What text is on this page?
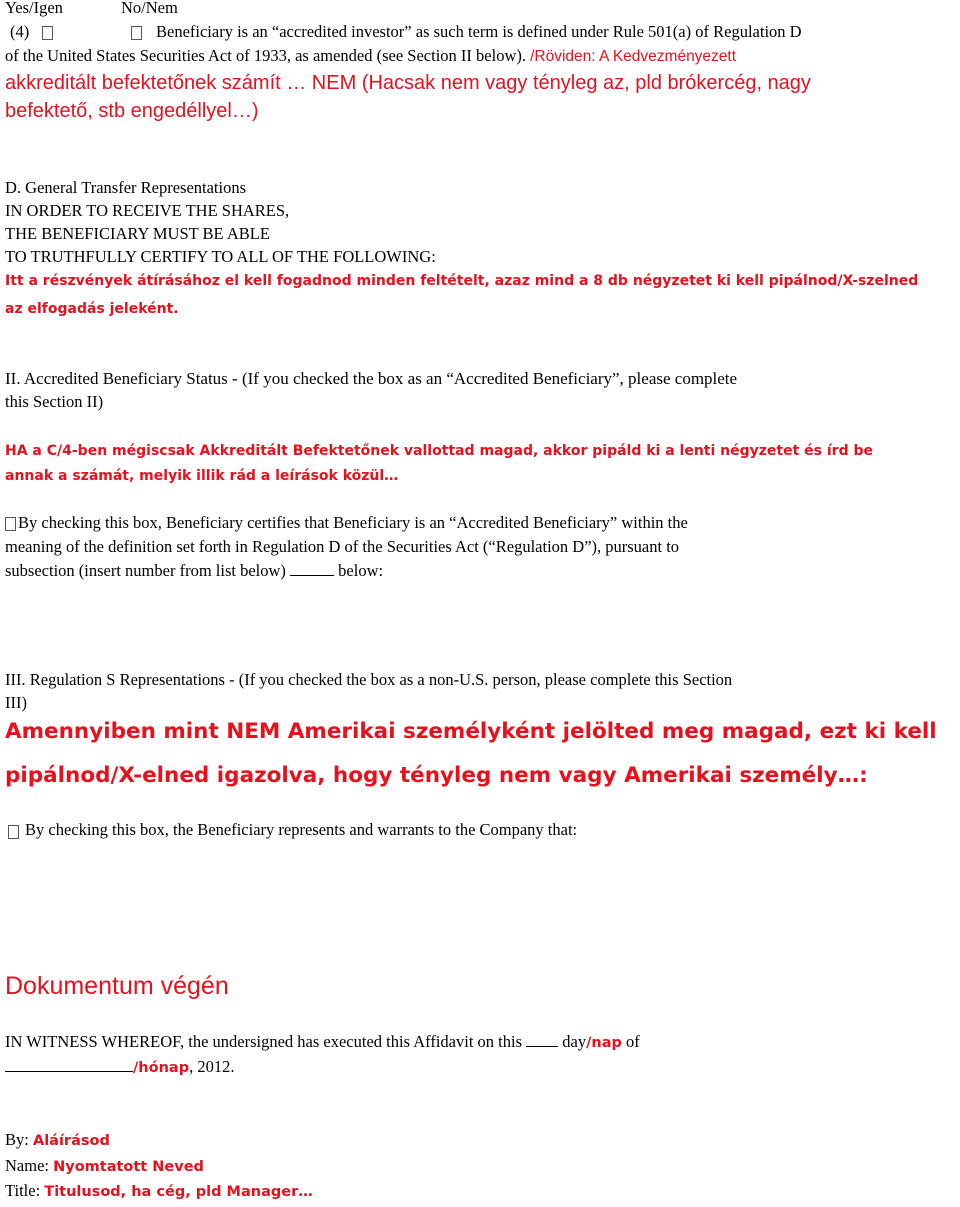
Yes/Igen	No/Nem
(4)	Beneficiary is an “accredited investor” as such term is defined under Rule 501(a) of Regulation D
of the United States Securities Act of 1933, as amended (see Section II below). /Röviden: A Kedvezményezett
akkreditált befektetőnek számít … NEM (Hacsak nem vagy tényleg az, pld brókercég, nagy
befektető, stb engedéllyel…)
D. General Transfer Representations
IN ORDER TO RECEIVE THE SHARES,
THE BENEFICIARY MUST BE ABLE
TO TRUTHFULLY CERTIFY TO ALL OF THE FOLLOWING:
Itt a részvények átírásához el kell fogadnod minden feltételt, azaz mind a 8 db négyzetet ki kell pipálnod/X-szelned
az elfogadás jeleként.
II. Accredited Beneficiary Status - (If you checked the box as an “Accredited Beneficiary”, please complete
this Section II)
HA a C/4-ben mégiscsak Akkreditált Befektetőnek vallottad magad, akkor pipáld ki a lenti négyzetet és írd be
annak a számát, melyik illik rád a leírások közül…
By checking this box, Beneficiary certifies that Beneficiary is an “Accredited Beneficiary” within the
meaning of the definition set forth in Regulation D of the Securities Act (“Regulation D”), pursuant to
subsection (insert number from list below)	below:
III. Regulation S Representations - (If you checked the box as a non-U.S. person, please complete this Section
III)
Amennyiben mint NEM Amerikai személyként jelölted meg magad, ezt ki kell
pipálnod/X-elned igazolva, hogy tényleg nem vagy Amerikai személy…:
By checking this box, the Beneficiary represents and warrants to the Company that:
Dokumentum végén
IN WITNESS WHEREOF, the undersigned has executed this Affidavit on this day/nap of
/hónap, 2012.
By: Aláírásod
Name: Nyomtatott Neved
Title: Titulusod, ha cég, pld Manager…
